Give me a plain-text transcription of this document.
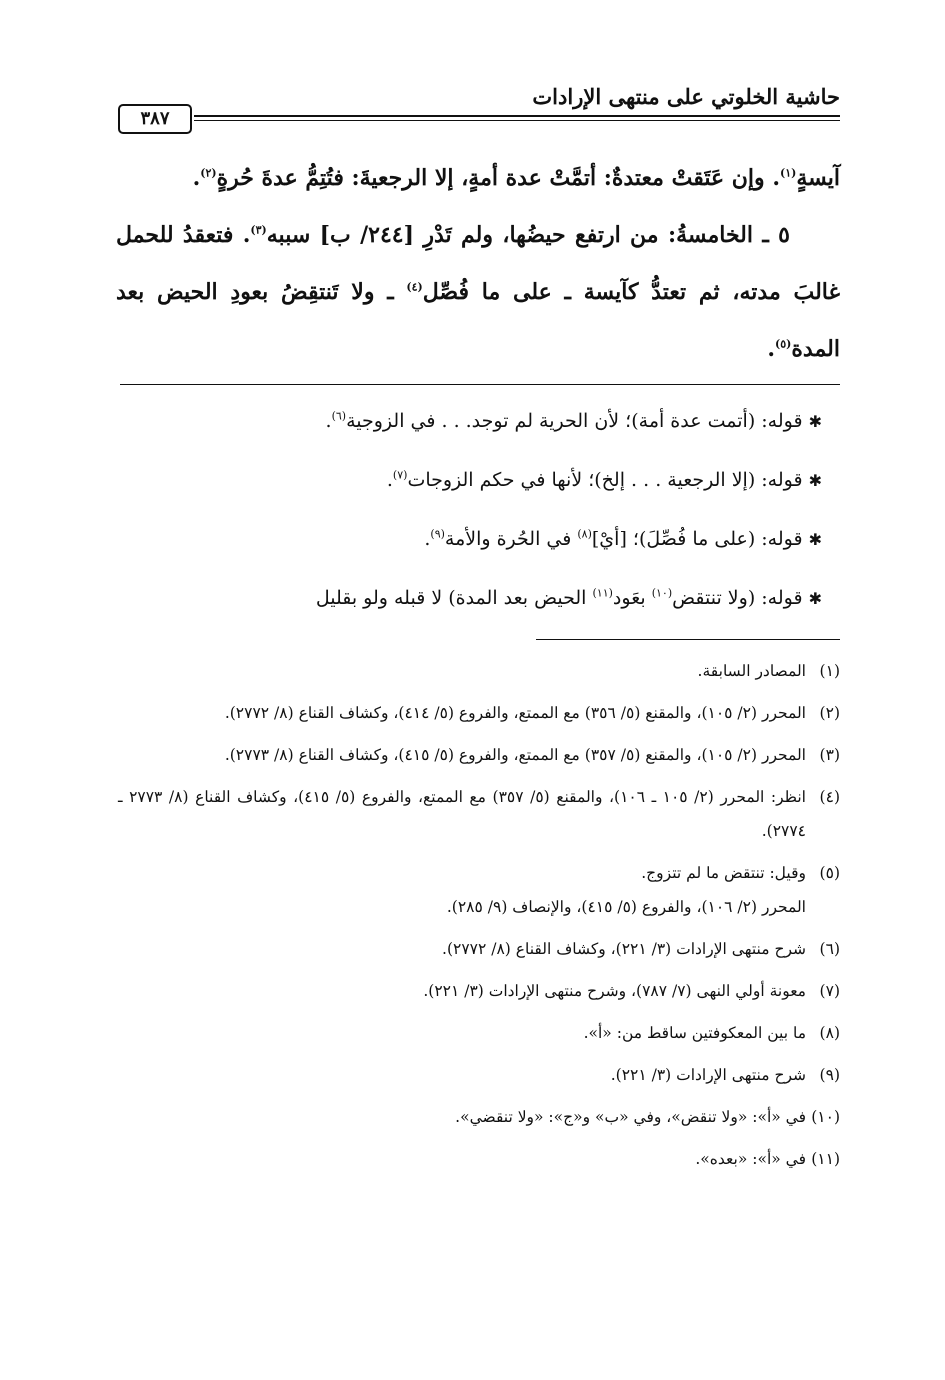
حاشية الخلوتي على منتهى الإرادات
٣٨٧

آيسةٍ$^{(١)}$. وإن عَتَقتْ معتدةٌ: أتمَّتْ عدة أمةٍ، إلا الرجعيةَ: فتُتِمُّ عدةَ حُرةٍ$^{(٢)}$.

٥ ـ الخامسةُ: من ارتفع حيضُها، ولم تَدْرِ [٢٤٤/ ب] سببه$^{(٣)}$. فتعقدُ للحمل غالبَ مدته، ثم تعتدُّ كآيسة ـ على ما فُصِّل$^{(٤)}$ ـ ولا تَنتقِضُ بعودِ الحيض بعد المدة$^{(٥)}$.

✱ قوله: (أتمت عدة أمة)؛ لأن الحرية لم توجد. . . في الزوجية$^{(٦)}$.

✱ قوله: (إلا الرجعية . . . إلخ)؛ لأنها في حكم الزوجات$^{(٧)}$.

✱ قوله: (على ما فُصِّلَ)؛ [أيْ]$^{(٨)}$ في الحُرة والأمة$^{(٩)}$.

✱ قوله: (ولا تنتقض$^{(١٠)}$ بعَود$^{(١١)}$ الحيض بعد المدة) لا قبله ولو بقليل

(١)
المصادر السابقة.
(٢)
المحرر (٢/ ١٠٥)، والمقنع (٥/ ٣٥٦) مع الممتع، والفروع (٥/ ٤١٤)، وكشاف القناع (٨/ ٢٧٧٢).
(٣)
المحرر (٢/ ١٠٥)، والمقنع (٥/ ٣٥٧) مع الممتع، والفروع (٥/ ٤١٥)، وكشاف القناع (٨/ ٢٧٧٣).
(٤)
انظر: المحرر (٢/ ١٠٥ ـ ١٠٦)، والمقنع (٥/ ٣٥٧) مع الممتع، والفروع (٥/ ٤١٥)، وكشاف القناع (٨/ ٢٧٧٣ ـ ٢٧٧٤).
(٥)
وقيل: تنتقض ما لم تتزوج.
المحرر (٢/ ١٠٦)، والفروع (٥/ ٤١٥)، والإنصاف (٩/ ٢٨٥).
(٦)
شرح منتهى الإرادات (٣/ ٢٢١)، وكشاف القناع (٨/ ٢٧٧٢).
(٧)
معونة أولي النهى (٧/ ٧٨٧)، وشرح منتهى الإرادات (٣/ ٢٢١).
(٨)
ما بين المعكوفتين ساقط من: «أ».
(٩)
شرح منتهى الإرادات (٣/ ٢٢١).
(١٠)
في «أ»: «ولا تنقض»، وفي «ب» و«ج»: «ولا تنقضي».
(١١)
في «أ»: «بعده».
